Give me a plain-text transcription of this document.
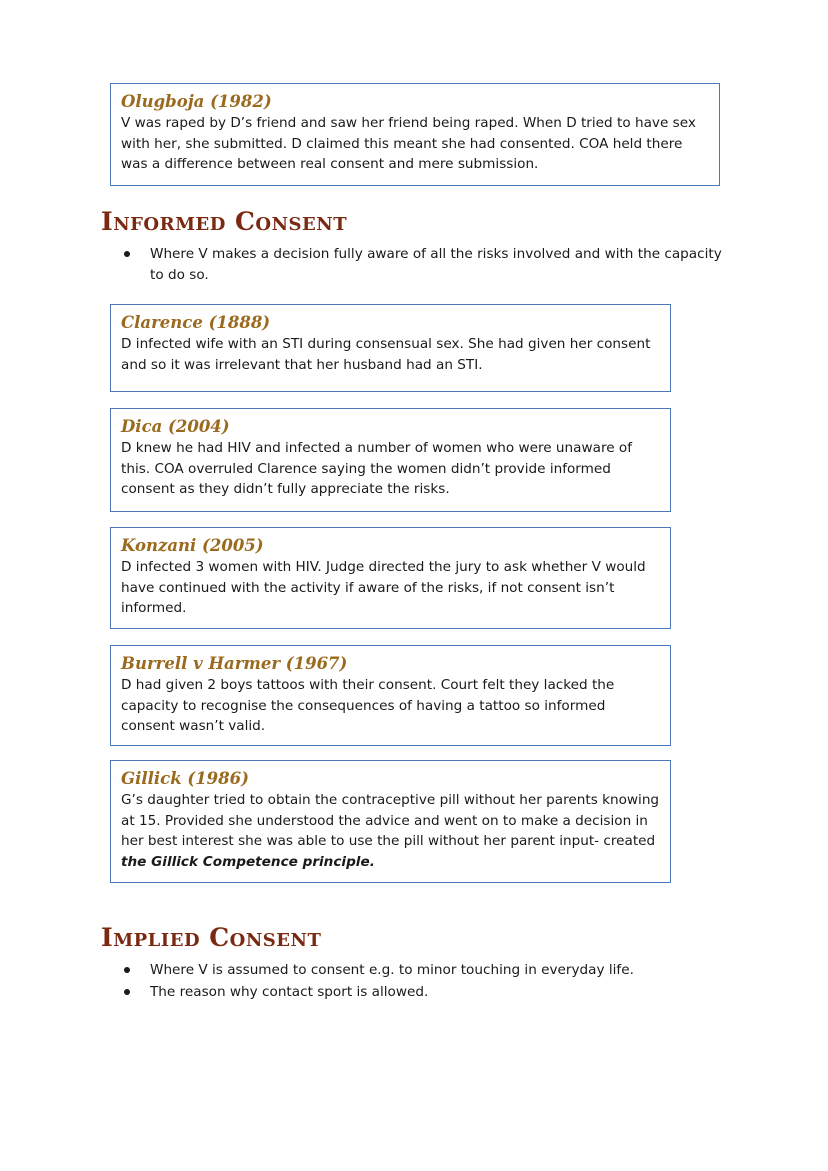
Olugboja (1982)

V was raped by D’s friend and saw her friend being raped. When D tried to have sex with her, she submitted. D claimed this meant she had consented. COA held there was a difference between real consent and mere submission.

Informed Consent
Where V makes a decision fully aware of all the risks involved and with the capacity to do so.

Clarence (1888)

D infected wife with an STI during consensual sex. She had given her consent and so it was irrelevant that her husband had an STI.

Dica (2004)

D knew he had HIV and infected a number of women who were unaware of this. COA overruled Clarence saying the women didn’t provide informed consent as they didn’t fully appreciate the risks.

Konzani (2005)

D infected 3 women with HIV. Judge directed the jury to ask whether V would have continued with the activity if aware of the risks, if not consent isn’t informed.

Burrell v Harmer (1967)

D had given 2 boys tattoos with their consent. Court felt they lacked the capacity to recognise the consequences of having a tattoo so informed consent wasn’t valid.

Gillick (1986)

G’s daughter tried to obtain the contraceptive pill without her parents knowing at 15. Provided she understood the advice and went on to make a decision in her best interest she was able to use the pill without her parent input- created the Gillick Competence principle.

Implied Consent
Where V is assumed to consent e.g. to minor touching in everyday life.
The reason why contact sport is allowed.
